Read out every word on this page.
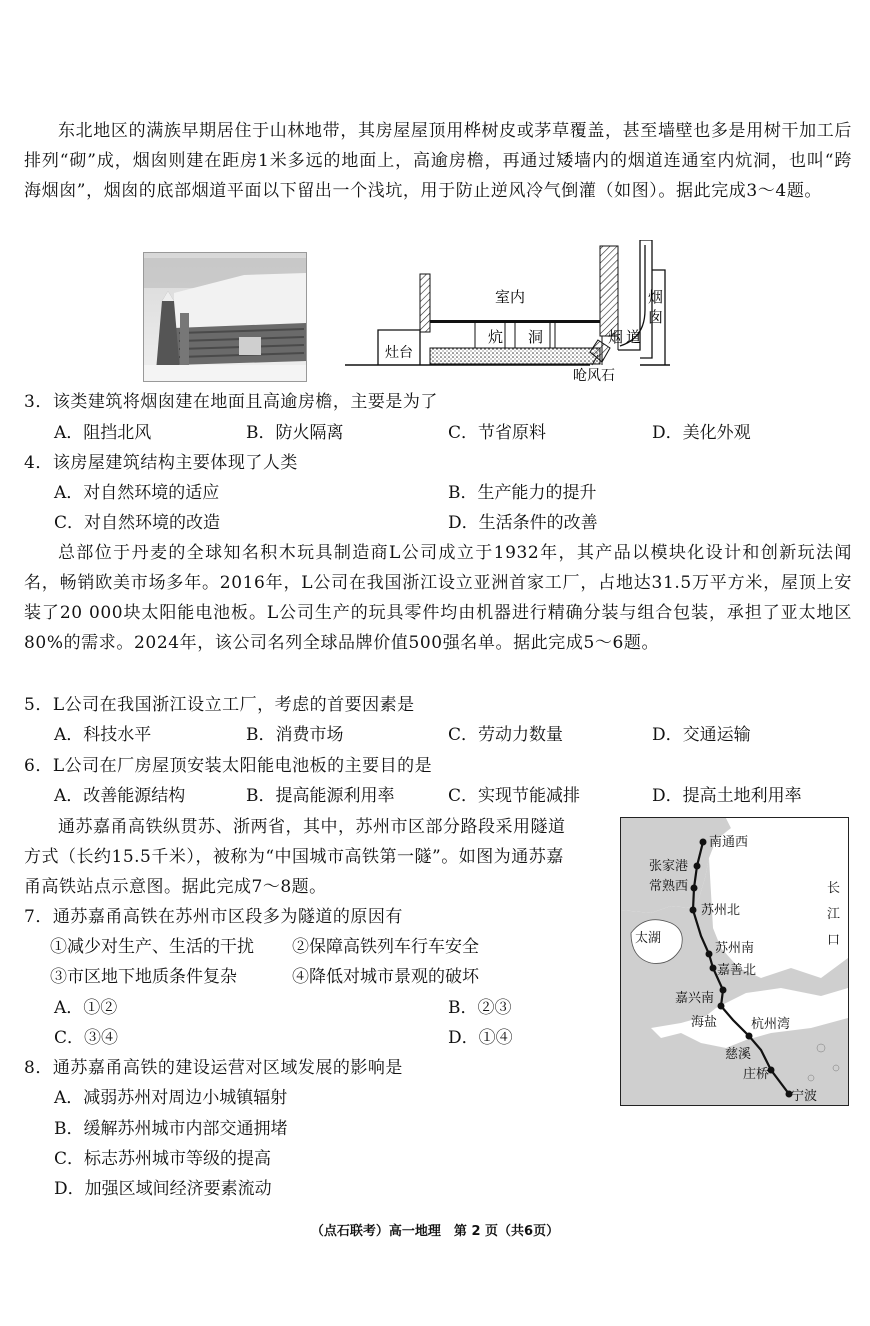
东北地区的满族早期居住于山林地带，其房屋屋顶用桦树皮或茅草覆盖，甚至墙壁也多是用树干加工后排列“砌”成，烟囱则建在距房1米多远的地面上，高逾房檐，再通过矮墙内的烟道连通室内炕洞，也叫“跨海烟囱”，烟囱的底部烟道平面以下留出一个浅坑，用于防止逆风冷气倒灌（如图）。据此完成3～4题。
室内
炕 洞
灶台
烟
囱
烟 道
呛风石
3．该类建筑将烟囱建在地面且高逾房檐，主要是为了
A．阻挡北风	B．防火隔离	C．节省原料	D．美化外观
4．该房屋建筑结构主要体现了人类
A．对自然环境的适应	B．生产能力的提升
C．对自然环境的改造	D．生活条件的改善
总部位于丹麦的全球知名积木玩具制造商L公司成立于1932年，其产品以模块化设计和创新玩法闻名，畅销欧美市场多年。2016年，L公司在我国浙江设立亚洲首家工厂，占地达31.5万平方米，屋顶上安装了20 000块太阳能电池板。L公司生产的玩具零件均由机器进行精确分装与组合包装，承担了亚太地区80%的需求。2024年，该公司名列全球品牌价值500强名单。据此完成5～6题。
5．L公司在我国浙江设立工厂，考虑的首要因素是
A．科技水平	B．消费市场	C．劳动力数量	D．交通运输
6．L公司在厂房屋顶安装太阳能电池板的主要目的是
A．改善能源结构	B．提高能源利用率	C．实现节能减排	D．提高土地利用率
通苏嘉甬高铁纵贯苏、浙两省，其中，苏州市区部分路段采用隧道
方式（长约15.5千米），被称为“中国城市高铁第一隧”。如图为通苏嘉
甬高铁站点示意图。据此完成7～8题。
7．通苏嘉甬高铁在苏州市区段多为隧道的原因有
①减少对生产、生活的干扰 ②保障高铁列车行车安全
③市区地下地质条件复杂	④降低对城市景观的破坏
A．①②	B．②③
C．③④	D．①④
8．通苏嘉甬高铁的建设运营对区域发展的影响是
A．减弱苏州对周边小城镇辐射
B．缓解苏州城市内部交通拥堵
C．标志苏州城市等级的提高
D．加强区域间经济要素流动
南通西
张家港
常熟西
苏州北
苏州南
嘉善北
嘉兴南
海盐
慈溪
庄桥
宁波
太湖
杭州湾
长
江
口
（点石联考）高一地理　第 2 页（共6页）
